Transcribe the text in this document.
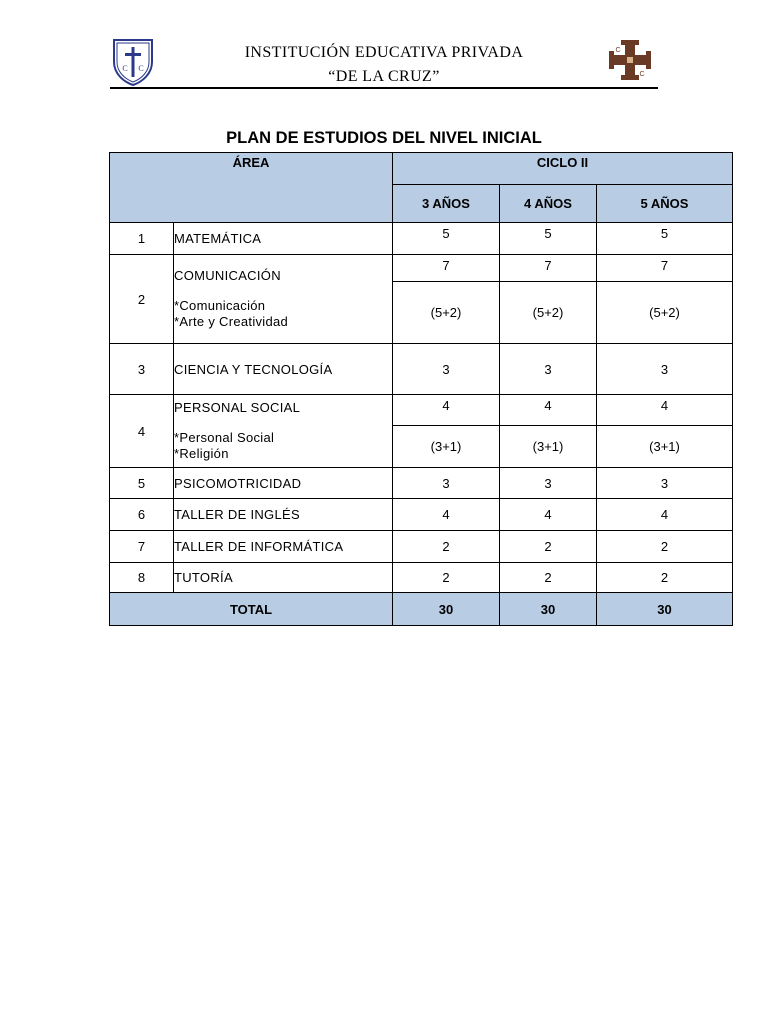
C C
C
C
INSTITUCIÓN EDUCATIVA PRIVADA
“DE LA CRUZ”
PLAN DE ESTUDIOS DEL NIVEL INICIAL
ÁREA		CICLO II		
		3 AÑOS	4 AÑOS	5 AÑOS
1	MATEMÁTICA	5	5	5
2	COMUNICACIÓN
*Comunicación
*Arte y Creatividad	7	7	7
		(5+2)	(5+2)	(5+2)
3	CIENCIA Y TECNOLOGÍA	3	3	3
4	PERSONAL SOCIAL
*Personal Social
*Religión	4	4	4
		(3+1)	(3+1)	(3+1)
5	PSICOMOTRICIDAD	3	3	3
6	TALLER DE INGLÉS	4	4	4
7	TALLER DE INFORMÁTICA	2	2	2
8	TUTORÍA	2	2	2
TOTAL		30	30	30
